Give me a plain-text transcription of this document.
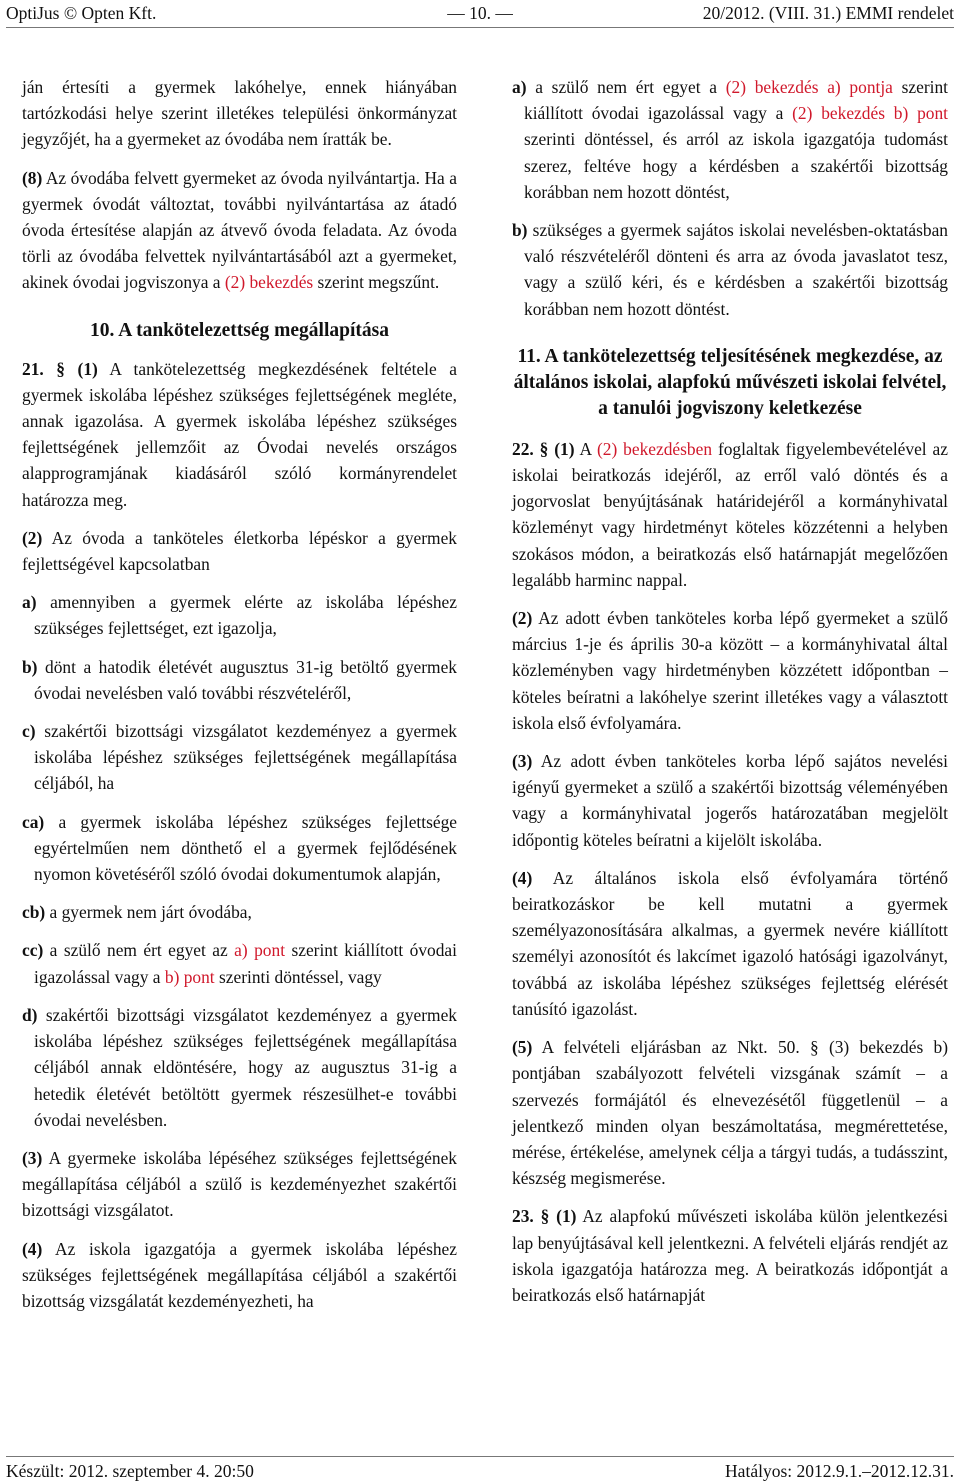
OptiJus © Opten Kft.	— 10. —	20/2012. (VIII. 31.) EMMI rendelet

ján értesíti a gyermek lakóhelye, ennek hiányában tartózkodási helye szerint illetékes települési önkormányzat jegyzőjét, ha a gyermeket az óvodába nem íratták be.

(8) Az óvodába felvett gyermeket az óvoda nyilvántartja. Ha a gyermek óvodát változtat, további nyilvántartása az átadó óvoda értesítése alapján az átvevő óvoda feladata. Az óvoda törli az óvodába felvettek nyilvántartásából azt a gyermeket, akinek óvodai jogviszonya a (2) bekezdés szerint megszűnt.

10. A tankötelezettség megállapítása

21. § (1) A tankötelezettség megkezdésének feltétele a gyermek iskolába lépéshez szükséges fejlettségének megléte, annak igazolása. A gyermek iskolába lépéshez szükséges fejlettségének jellemzőit az Óvodai nevelés országos alapprogramjának kiadásáról szóló kormányrendelet határozza meg.

(2) Az óvoda a tanköteles életkorba lépéskor a gyermek fejlettségével kapcsolatban

a) amennyiben a gyermek elérte az iskolába lépéshez szükséges fejlettséget, ezt igazolja,

b) dönt a hatodik életévét augusztus 31-ig betöltő gyermek óvodai nevelésben való további részvételéről,

c) szakértői bizottsági vizsgálatot kezdeményez a gyermek iskolába lépéshez szükséges fejlettségének megállapítása céljából, ha

ca) a gyermek iskolába lépéshez szükséges fejlettsége egyértelműen nem dönthető el a gyermek fejlődésének nyomon követéséről szóló óvodai dokumentumok alapján,

cb) a gyermek nem járt óvodába,

cc) a szülő nem ért egyet az a) pont szerint kiállított óvodai igazolással vagy a b) pont szerinti döntéssel, vagy

d) szakértői bizottsági vizsgálatot kezdeményez a gyermek iskolába lépéshez szükséges fejlettségének megállapítása céljából annak eldöntésére, hogy az augusztus 31-ig a hetedik életévét betöltött gyermek részesülhet-e további óvodai nevelésben.

(3) A gyermeke iskolába lépéséhez szükséges fejlettségének megállapítása céljából a szülő is kezdeményezhet szakértői bizottsági vizsgálatot.

(4) Az iskola igazgatója a gyermek iskolába lépéshez szükséges fejlettségének megállapítása céljából a szakértői bizottság vizsgálatát kezdeményezheti, ha

a) a szülő nem ért egyet a (2) bekezdés a) pontja szerint kiállított óvodai igazolással vagy a (2) bekezdés b) pont szerinti döntéssel, és arról az iskola igazgatója tudomást szerez, feltéve hogy a kérdésben a szakértői bizottság korábban nem hozott döntést,

b) szükséges a gyermek sajátos iskolai nevelésben-oktatásban való részvételéről dönteni és arra az óvoda javaslatot tesz, vagy a szülő kéri, és e kérdésben a szakértői bizottság korábban nem hozott döntést.

11. A tankötelezettség teljesítésének megkezdése, az általános iskolai, alapfokú művészeti iskolai felvétel, a tanulói jogviszony keletkezése

22. § (1) A (2) bekezdésben foglaltak figyelembevételével az iskolai beiratkozás idejéről, az erről való döntés és a jogorvoslat benyújtásának határidejéről a kormányhivatal közleményt vagy hirdetményt köteles közzétenni a helyben szokásos módon, a beiratkozás első határnapját megelőzően legalább harminc nappal.

(2) Az adott évben tanköteles korba lépő gyermeket a szülő március 1-je és április 30-a között – a kormányhivatal által közleményben vagy hirdetményben közzétett időpontban – köteles beíratni a lakóhelye szerint illetékes vagy a választott iskola első évfolyamára.

(3) Az adott évben tanköteles korba lépő sajátos nevelési igényű gyermeket a szülő a szakértői bizottság véleményében vagy a kormányhivatal jogerős határozatában megjelölt időpontig köteles beíratni a kijelölt iskolába.

(4) Az általános iskola első évfolyamára történő beiratkozáskor be kell mutatni a gyermek személyazonosítására alkalmas, a gyermek nevére kiállított személyi azonosítót és lakcímet igazoló hatósági igazolványt, továbbá az iskolába lépéshez szükséges fejlettség elérését tanúsító igazolást.

(5) A felvételi eljárásban az Nkt. 50. § (3) bekezdés b) pontjában szabályozott felvételi vizsgának számít – a szervezés formájától és elnevezésétől függetlenül – a jelentkező minden olyan beszámoltatása, megmérettetése, mérése, értékelése, amelynek célja a tárgyi tudás, a tudásszint, készség megismerése.

23. § (1) Az alapfokú művészeti iskolába külön jelentkezési lap benyújtásával kell jelentkezni. A felvételi eljárás rendjét az iskola igazgatója határozza meg. A beiratkozás időpontját a beiratkozás első határnapját

Készült: 2012. szeptember 4. 20:50	Hatályos: 2012.9.1.–2012.12.31.
